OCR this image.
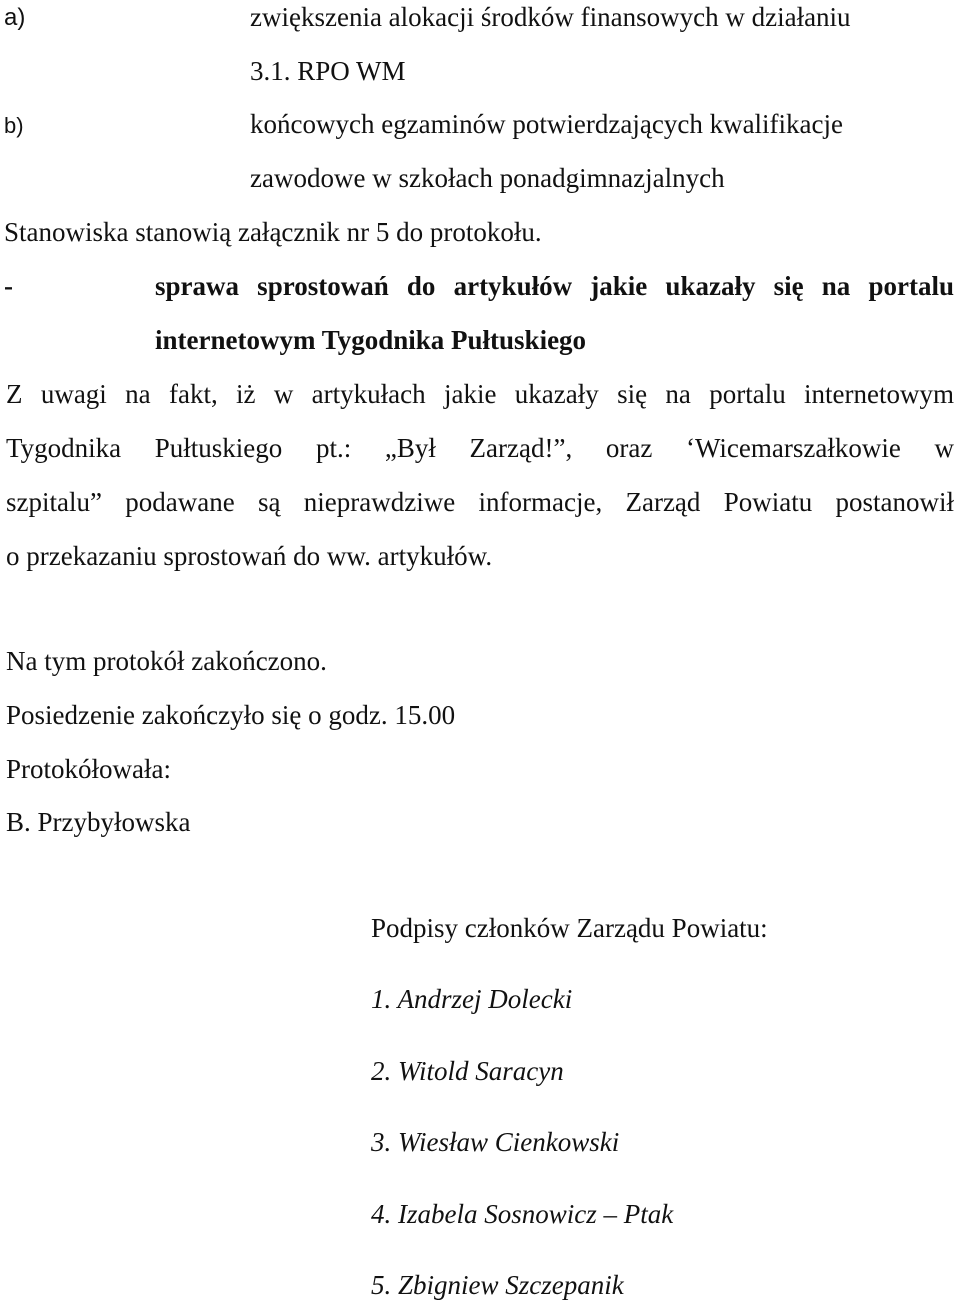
a)	zwiększenia alokacji środków finansowych w działaniu
3.1. RPO WM
b)	końcowych egzaminów potwierdzających kwalifikacje
zawodowe w szkołach ponadgimnazjalnych
Stanowiska stanowią załącznik nr 5 do protokołu.
-	sprawa sprostowań do artykułów jakie ukazały się na portalu
internetowym Tygodnika Pułtuskiego
Z uwagi na fakt, iż w artykułach jakie ukazały się na portalu internetowym
Tygodnika Pułtuskiego pt.: „Był Zarząd!”, oraz ‘Wicemarszałkowie w
szpitalu” podawane są nieprawdziwe informacje, Zarząd Powiatu postanowił
o przekazaniu sprostowań do ww. artykułów.
Na tym protokół zakończono.
Posiedzenie zakończyło się o godz. 15.00
Protokółowała:
B. Przybyłowska
Podpisy członków Zarządu Powiatu:
1. Andrzej Dolecki
2. Witold Saracyn
3. Wiesław Cienkowski
4. Izabela Sosnowicz – Ptak
5. Zbigniew Szczepanik
